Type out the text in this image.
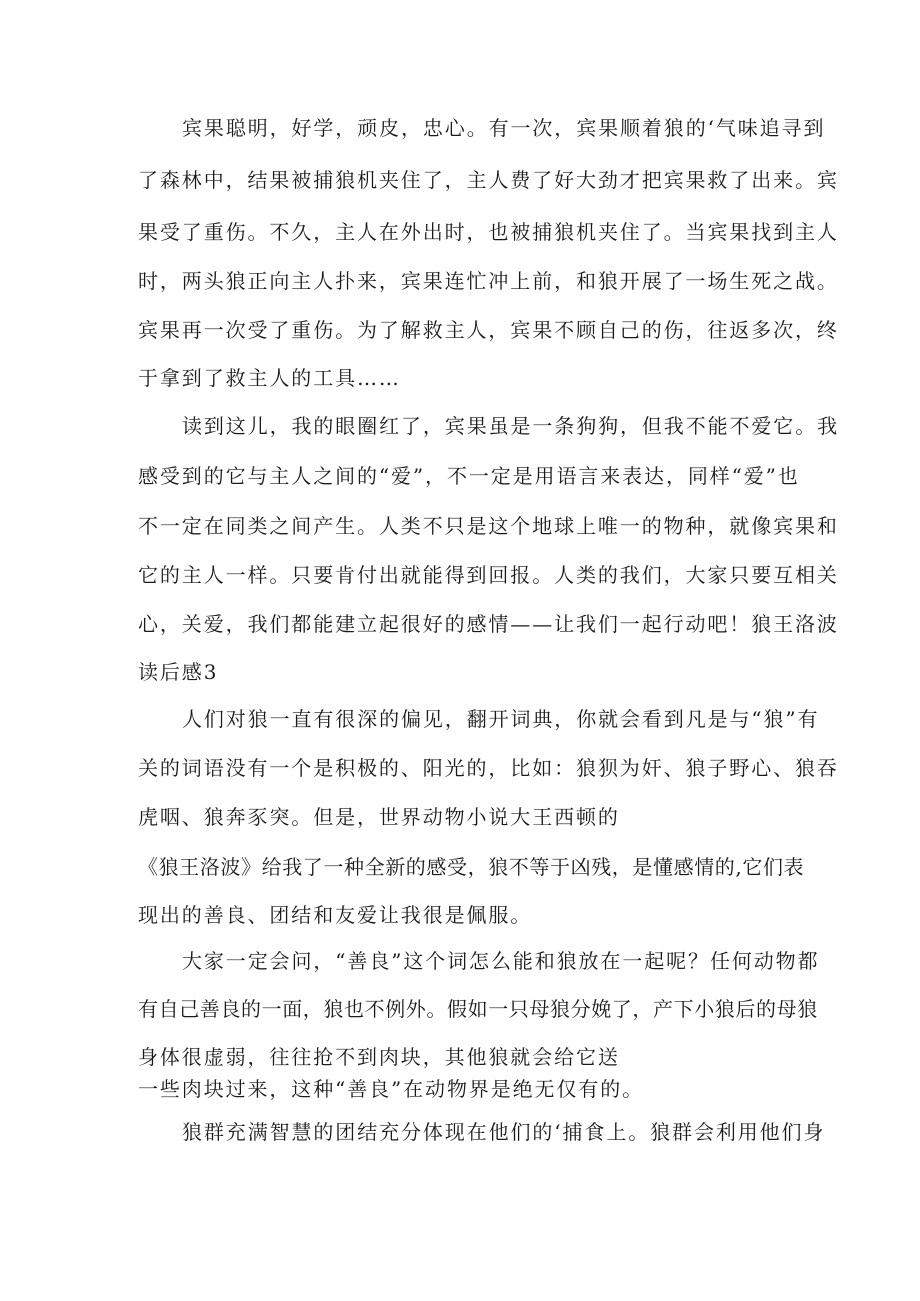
宾果聪明，好学，顽皮，忠心。有一次，宾果顺着狼的‘气味追寻到
了森林中，结果被捕狼机夹住了，主人费了好大劲才把宾果救了出来。宾
果受了重伤。不久，主人在外出时，也被捕狼机夹住了。当宾果找到主人
时，两头狼正向主人扑来，宾果连忙冲上前，和狼开展了一场生死之战。
宾果再一次受了重伤。为了解救主人，宾果不顾自己的伤，往返多次，终
于拿到了救主人的工具……
读到这儿，我的眼圈红了，宾果虽是一条狗狗，但我不能不爱它。我
感受到的它与主人之间的“爱”，不一定是用语言来表达，同样“爱”也
不一定在同类之间产生。人类不只是这个地球上唯一的物种，就像宾果和
它的主人一样。只要肯付出就能得到回报。人类的我们，大家只要互相关
心，关爱，我们都能建立起很好的感情——让我们一起行动吧！狼王洛波
读后感3
人们对狼一直有很深的偏见，翻开词典，你就会看到凡是与“狼”有
关的词语没有一个是积极的、阳光的，比如：狼狈为奸、狼子野心、狼吞
虎咽、狼奔豕突。但是，世界动物小说大王西顿的
《狼王洛波》给我了一种全新的感受，狼不等于凶残，是懂感情的,它们表
现出的善良、团结和友爱让我很是佩服。
大家一定会问，“善良”这个词怎么能和狼放在一起呢？任何动物都
有自己善良的一面，狼也不例外。假如一只母狼分娩了，产下小狼后的母狼
身体很虚弱，往往抢不到肉块，其他狼就会给它送
一些肉块过来，这种“善良”在动物界是绝无仅有的。
狼群充满智慧的团结充分体现在他们的‘捕食上。狼群会利用他们身
